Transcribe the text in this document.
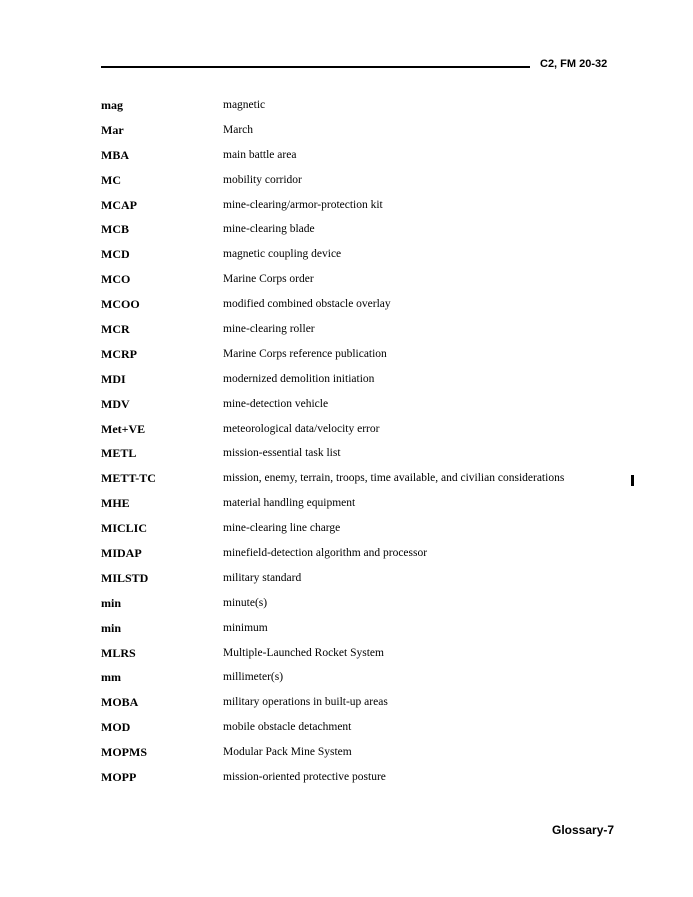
C2, FM 20-32
mag	magnetic
Mar	March
MBA	main battle area
MC	mobility corridor
MCAP	mine-clearing/armor-protection kit
MCB	mine-clearing blade
MCD	magnetic coupling device
MCO	Marine Corps order
MCOO	modified combined obstacle overlay
MCR	mine-clearing roller
MCRP	Marine Corps reference publication
MDI	modernized demolition initiation
MDV	mine-detection vehicle
Met+VE	meteorological data/velocity error
METL	mission-essential task list
METT-TC	mission, enemy, terrain, troops, time available, and civilian considerations
MHE	material handling equipment
MICLIC	mine-clearing line charge
MIDAP	minefield-detection algorithm and processor
MILSTD	military standard
min	minute(s)
min	minimum
MLRS	Multiple-Launched Rocket System
mm	millimeter(s)
MOBA	military operations in built-up areas
MOD	mobile obstacle detachment
MOPMS	Modular Pack Mine System
MOPP	mission-oriented protective posture
Glossary-7
